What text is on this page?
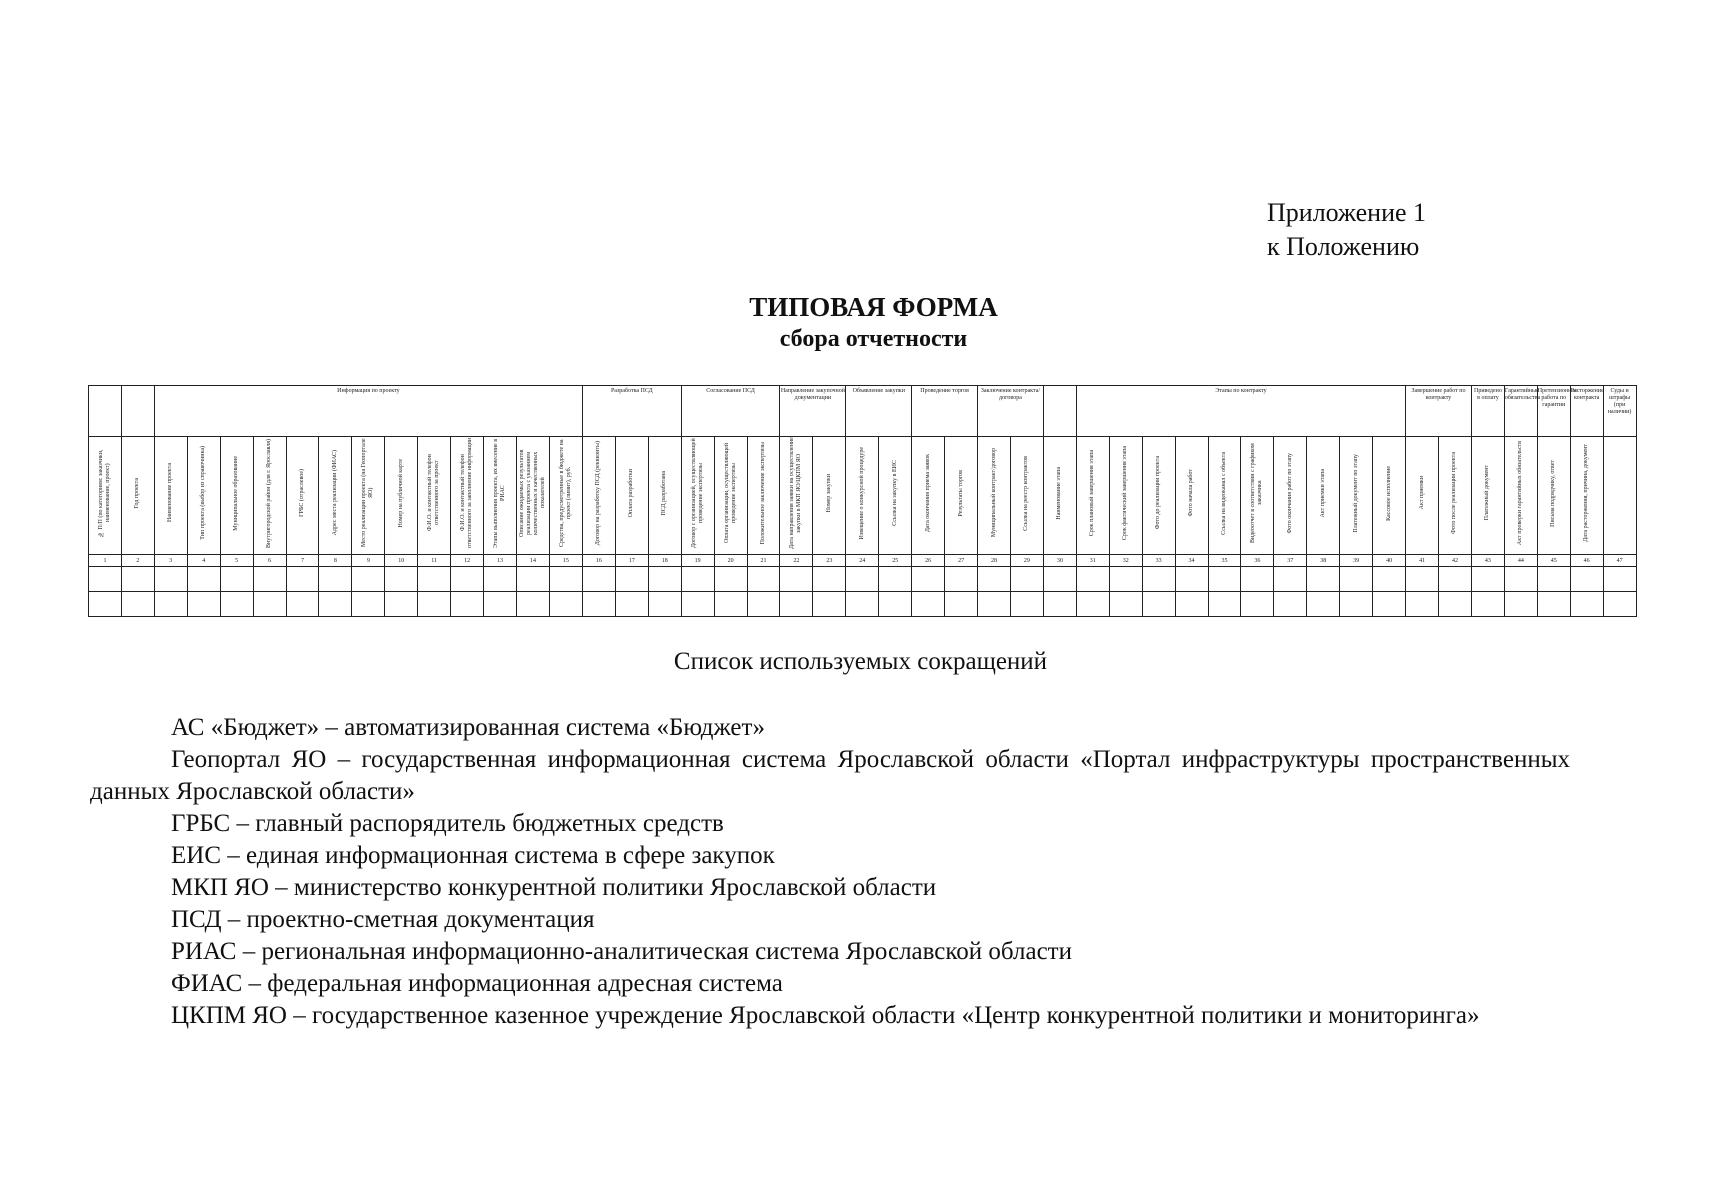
Приложение 1
к Положению
ТИПОВАЯ ФОРМА
сбора отчетности
		Информация по проекту													Разработка ПСД			Согласование ПСД			Направление закупочной документации		Объявление закупки		Проведение торгов		Заключение контракта/договора			Этапы по контракту										Завершение работ по контракту		Приведено в оплату	Гарантийные обязательства	Претензионная работа по гарантии	Расторжение контракта	Суды и штрафы (при наличии)
№ П/П (по категориям: заказчики, наименование, проект)	Год проекта	Наименование проекта	Тип проекта (выбор из справочника)	Муниципальное образование	Внутригородской район (для г. Ярославля)	ГРБС (отраслевое)	Адрес места реализации (ФИАС)	Место реализации проекта (на Геопортале ЯО)	Номер на публичной карте	Ф.И.О. и контактный телефон ответственного за проект	Ф.И.О. и контактный телефон ответственного за заполнение информации	Этапы выполнения проекта, их внесение в РИАС	Описание ожидаемых результатов реализации проекта с указанием количественных и качественных показателей	Средства, предусмотренные в бюджете на проект (лимит), руб.	Договор на разработку ПСД (реквизиты)	Оплата разработки	ПСД разработана	Договор с организацией, осуществляющей проведение экспертизы	Оплата организации, осуществляющей проведение экспертизы	Положительное заключение экспертизы	Дата направления заявки на осуществление закупки в МКП ЯО/ЦКПМ ЯО	Номер закупки	Извещение о конкурсной процедуре	Ссылка на закупку в ЕИС	Дата окончания приема заявок	Результаты торгов	Муниципальный контракт/договор	Ссылка на реестр контрактов	Наименование этапа	Срок плановый завершения этапа	Срок фактический завершения этапа	Фото до реализации проекта	Фото начала работ	Ссылка на видеоканал с объекта	Видеоотчет в соответствии с графиком заказчика	Фото окончания работ по этапу	Акт приемки этапа	Платежный документ по этапу	Кассовое исполнение	Акт приемки	Фото после реализации проекта	Платежный документ	Акт проверки гарантийных обязательств	Письма подрядчику, ответ	Дата расторжения, причина, документ	
1	2	3	4	5	6	7	8	9	10	11	12	13	14	15	16	17	18	19	20	21	22	23	24	25	26	27	28	29	30	31	32	33	34	35	36	37	38	39	40	41	42	43	44	45	46	47

Список используемых сокращений

АС «Бюджет» – автоматизированная система «Бюджет»

Геопортал ЯО – государственная информационная система Ярославской области «Портал инфраструктуры пространственных данных Ярославской области»

ГРБС – главный распорядитель бюджетных средств

ЕИС – единая информационная система в сфере закупок

МКП ЯО – министерство конкурентной политики Ярославской области

ПСД – проектно-сметная документация

РИАС – региональная информационно-аналитическая система Ярославской области

ФИАС – федеральная информационная адресная система

ЦКПМ ЯО – государственное казенное учреждение Ярославской области «Центр конкурентной политики и мониторинга»
